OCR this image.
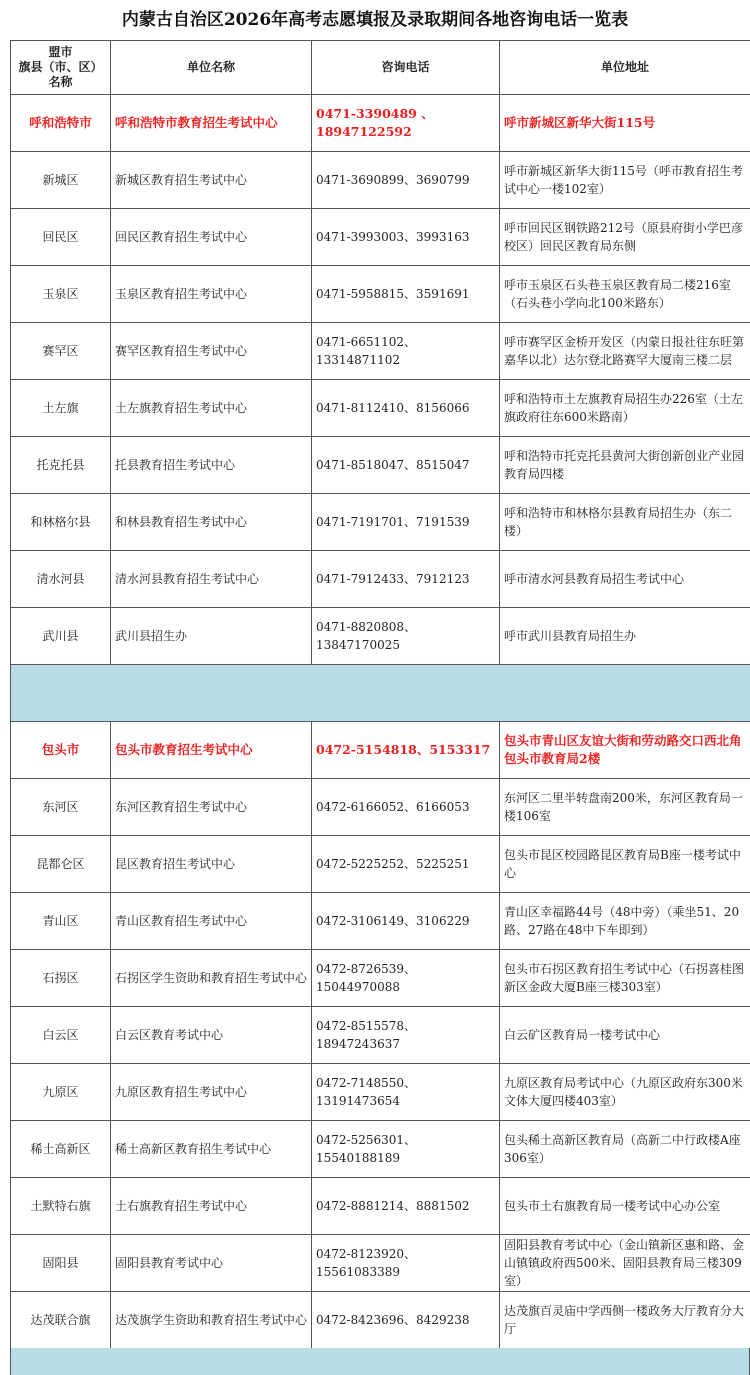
内蒙古自治区2026年高考志愿填报及录取期间各地咨询电话一览表
盟市
旗县（市、区）
名称	单位名称	咨询电话	单位地址
呼和浩特市	呼和浩特市教育招生考试中心	0471-3390489 、18947122592	呼市新城区新华大街115号
新城区	新城区教育招生考试中心	0471-3690899、3690799	呼市新城区新华大街115号（呼市教育招生考试中心一楼102室）
回民区	回民区教育招生考试中心	0471-3993003、3993163	呼市回民区钢铁路212号（原县府街小学巴彦校区）回民区教育局东侧
玉泉区	玉泉区教育招生考试中心	0471-5958815、3591691	呼市玉泉区石头巷玉泉区教育局二楼216室（石头巷小学向北100米路东）
赛罕区	赛罕区教育招生考试中心	0471-6651102、13314871102	呼市赛罕区金桥开发区（内蒙日报社往东旺第嘉华以北）达尔登北路赛罕大厦南三楼二层
土左旗	土左旗教育招生考试中心	0471-8112410、8156066	呼和浩特市土左旗教育局招生办226室（土左旗政府往东600米路南）
托克托县	托县教育招生考试中心	0471-8518047、8515047	呼和浩特市托克托县黄河大街创新创业产业园教育局四楼
和林格尔县	和林县教育招生考试中心	0471-7191701、7191539	呼和浩特市和林格尔县教育局招生办（东二楼）
清水河县	清水河县教育招生考试中心	0471-7912433、7912123	呼市清水河县教育局招生考试中心
武川县	武川县招生办	0471-8820808、13847170025	呼市武川县教育局招生办

包头市	包头市教育招生考试中心	0472-5154818、5153317	包头市青山区友谊大街和劳动路交口西北角包头市教育局2楼
东河区	东河区教育招生考试中心	0472-6166052、6166053	东河区二里半转盘南200米，东河区教育局一楼106室
昆都仑区	昆区教育招生考试中心	0472-5225252、5225251	包头市昆区校园路昆区教育局B座一楼考试中心
青山区	青山区教育招生考试中心	0472-3106149、3106229	青山区幸福路44号（48中旁）（乘坐51、20路、27路在48中下车即到）
石拐区	石拐区学生资助和教育招生考试中心	0472-8726539、15044970088	包头市石拐区教育招生考试中心（石拐喜桂图新区金政大厦B座三楼303室）
白云区	白云区教育考试中心	0472-8515578、18947243637	白云矿区教育局一楼考试中心
九原区	九原区教育招生考试中心	0472-7148550、13191473654	九原区教育局考试中心（九原区政府东300米文体大厦四楼403室）
稀土高新区	稀土高新区教育招生考试中心	0472-5256301、15540188189	包头稀土高新区教育局（高新二中行政楼A座306室）
土默特右旗	土右旗教育招生考试中心	0472-8881214、8881502	包头市土右旗教育局一楼考试中心办公室
固阳县	固阳县教育考试中心	0472-8123920、15561083389	固阳县教育考试中心（金山镇新区惠和路、金山镇镇政府西500米、固阳县教育局三楼309室）
达茂联合旗	达茂旗学生资助和教育招生考试中心	0472-8423696、8429238	达茂旗百灵庙中学西侧一楼政务大厅教育分大厅
